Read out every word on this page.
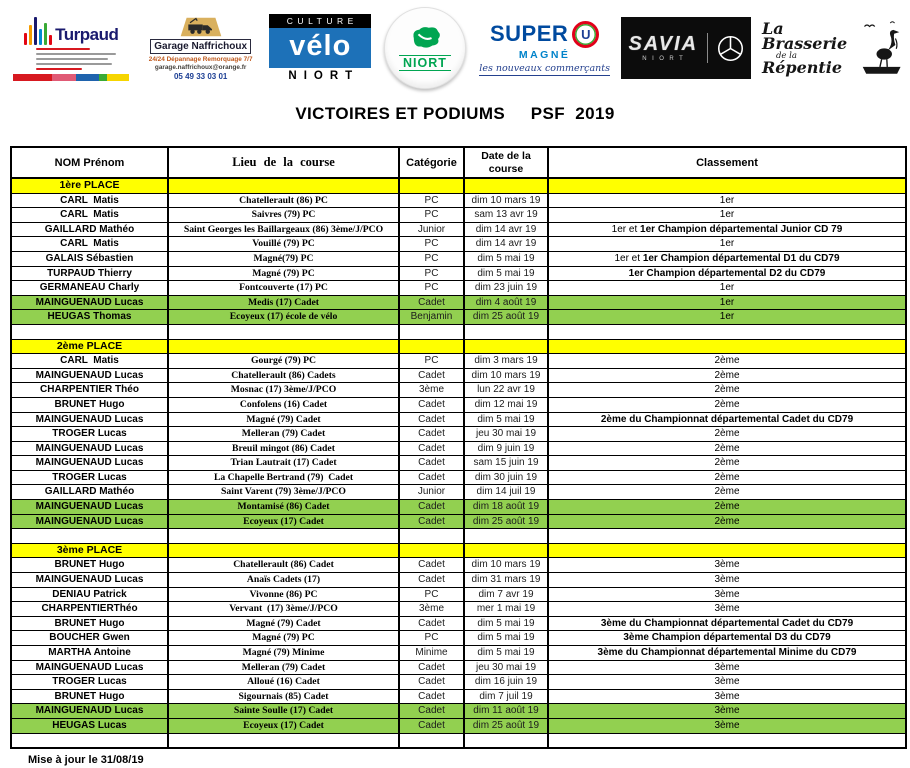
Turpaud
Garage Naffrichoux
24/24 Dépannage Remorquage 7/7
garage.naffrichoux@orange.fr
05 49 33 03 01
CULTURE
vélo
NIORT
NIORT
SUPER U
MAGNÉ
les nouveaux commerçants
SAVIA
NIORT
La Brasserie
de la
Répentie
VICTOIRES ET PODIUMS     PSF  2019
NOM Prénom	Lieu de la course	Catégorie	Date de la course	Classement
1ère PLACE				
CARL  Matis	Chatellerault (86) PC	PC	dim 10 mars 19	1er
CARL  Matis	Saivres (79) PC	PC	sam 13 avr 19	1er
GAILLARD Mathéo	Saint Georges les Baillargeaux (86) 3ème/J/PCO	Junior	dim 14 avr 19	1er et 1er Champion départemental Junior CD 79
CARL  Matis	Vouillé (79) PC	PC	dim 14 avr 19	1er
GALAIS Sébastien	Magné(79) PC	PC	dim 5 mai 19	1er et 1er Champion départemental D1 du CD79
TURPAUD Thierry	Magné (79) PC	PC	dim 5 mai 19	1er Champion départemental D2 du CD79
GERMANEAU Charly	Fontcouverte (17) PC	PC	dim 23 juin 19	1er
MAINGUENAUD Lucas	Medis (17) Cadet	Cadet	dim 4 août 19	1er
HEUGAS Thomas	Ecoyeux (17) école de vélo	Benjamin	dim 25 août 19	1er

2ème PLACE				
CARL  Matis	Gourgé (79) PC	PC	dim 3 mars 19	2ème
MAINGUENAUD Lucas	Chatellerault (86) Cadets	Cadet	dim 10 mars 19	2ème
CHARPENTIER Théo	Mosnac (17) 3ème/J/PCO	3ème	lun 22 avr 19	2ème
BRUNET Hugo	Confolens (16) Cadet	Cadet	dim 12 mai 19	2ème
MAINGUENAUD Lucas	Magné (79) Cadet	Cadet	dim 5 mai 19	2ème du Championnat départemental Cadet du CD79
TROGER Lucas	Melleran (79) Cadet	Cadet	jeu 30 mai 19	2ème
MAINGUENAUD Lucas	Breuil mingot (86) Cadet	Cadet	dim 9 juin 19	2ème
MAINGUENAUD Lucas	Trian Lautrait (17) Cadet	Cadet	sam 15 juin 19	2ème
TROGER Lucas	La Chapelle Bertrand (79)  Cadet	Cadet	dim 30 juin 19	2ème
GAILLARD Mathéo	Saint Varent (79) 3ème/J/PCO	Junior	dim 14 juil 19	2ème
MAINGUENAUD Lucas	Montamisé (86) Cadet	Cadet	dim 18 août 19	2ème
MAINGUENAUD Lucas	Ecoyeux (17) Cadet	Cadet	dim 25 août 19	2ème

3ème PLACE				
BRUNET Hugo	Chatellerault (86) Cadet	Cadet	dim 10 mars 19	3ème
MAINGUENAUD Lucas	Anaïs Cadets (17)	Cadet	dim 31 mars 19	3ème
DENIAU Patrick	Vivonne (86) PC	PC	dim 7 avr 19	3ème
CHARPENTIERThéo	Vervant  (17) 3ème/J/PCO	3ème	mer 1 mai 19	3ème
BRUNET Hugo	Magné (79) Cadet	Cadet	dim 5 mai 19	3ème du Championnat départemental Cadet du CD79
BOUCHER Gwen	Magné (79) PC	PC	dim 5 mai 19	3ème Champion départemental D3 du CD79
MARTHA Antoine	Magné (79) Minime	Minime	dim 5 mai 19	3ème du Championnat départemental Minime du CD79
MAINGUENAUD Lucas	Melleran (79) Cadet	Cadet	jeu 30 mai 19	3ème
TROGER Lucas	Alloué (16) Cadet	Cadet	dim 16 juin 19	3ème
BRUNET Hugo	Sigournais (85) Cadet	Cadet	dim 7 juil 19	3ème
MAINGUENAUD Lucas	Sainte Soulle (17) Cadet	Cadet	dim 11 août 19	3ème
HEUGAS Lucas	Ecoyeux (17) Cadet	Cadet	dim 25 août 19	3ème

Mise à jour le 31/08/19
